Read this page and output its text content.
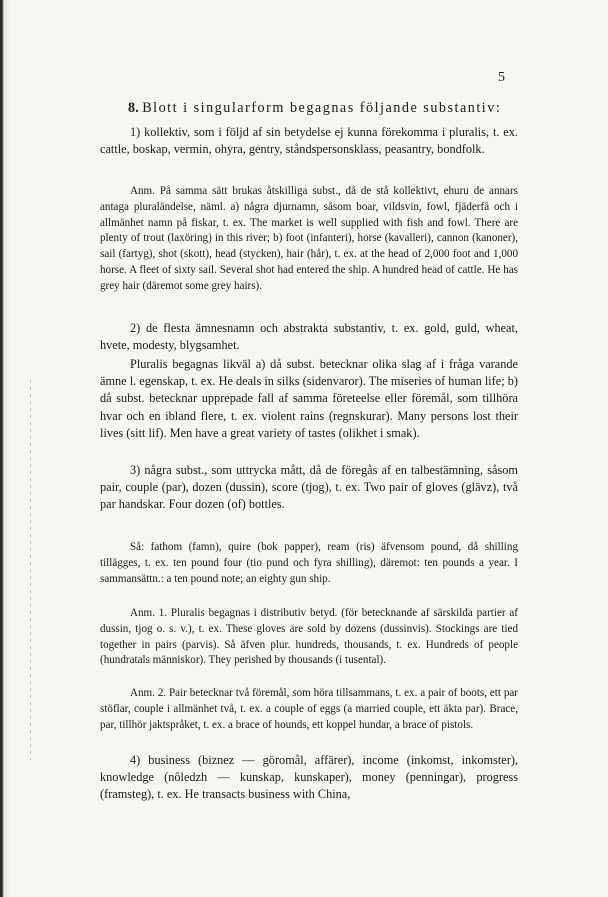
5
8. Blott i singularform begagnas följande substantiv:

1) kollektiv, som i följd af sin betydelse ej kunna förekomma i pluralis, t. ex. cattle, boskap, vermin, ohyra, gentry, ståndspersonsklass, peasantry, bondfolk.

Anm. På samma sätt brukas åtskilliga subst., då de stå kollektivt, ehuru de annars antaga pluraländelse, näml. a) några djurnamn, såsom boar, vildsvin, fowl, fjäderfä och i allmänhet namn på fiskar, t. ex. The market is well supplied with fish and fowl. There are plenty of trout (laxöring) in this river; b) foot (infanteri), horse (kavalleri), cannon (kanoner), sail (fartyg), shot (skott), head (stycken), hair (hår), t. ex. at the head of 2,000 foot and 1,000 horse. A fleet of sixty sail. Several shot had entered the ship. A hundred head of cattle. He has grey hair (däremot some grey hairs).

2) de flesta ämnesnamn och abstrakta substantiv, t. ex. gold, guld, wheat, hvete, modesty, blygsamhet.

Pluralis begagnas likväl a) då subst. betecknar olika slag af i fråga varande ämne l. egenskap, t. ex. He deals in silks (sidenvaror). The miseries of human life; b) då subst. betecknar upprepade fall af samma företeelse eller föremål, som tillhöra hvar och en ibland flere, t. ex. violent rains (regnskurar). Many persons lost their lives (sitt lif). Men have a great variety of tastes (olikhet i smak).

3) några subst., som uttrycka mått, då de föregås af en talbestämning, såsom pair, couple (par), dozen (dussin), score (tjog), t. ex. Two pair of gloves (glävz), två par handskar. Four dozen (of) bottles.

Så: fathom (famn), quire (bok papper), ream (ris) äfvensom pound, då shilling tillägges, t. ex. ten pound four (tio pund och fyra shilling), däremot: ten pounds a year. I sammansättn.: a ten pound note; an eighty gun ship.

Anm. 1. Pluralis begagnas i distributiv betyd. (för betecknande af särskilda partier af dussin, tjog o. s. v.), t. ex. These gloves are sold by dozens (dussinvis). Stockings are tied together in pairs (parvis). Så äfven plur. hundreds, thousands, t. ex. Hundreds of people (hundratals människor). They perished by thousands (i tusental).

Anm. 2. Pair betecknar två föremål, som höra tillsammans, t. ex. a pair of boots, ett par stöflar, couple i allmänhet två, t. ex. a couple of eggs (a married couple, ett äkta par). Brace, par, tillhör jaktspråket, t. ex. a brace of hounds, ett koppel hundar, a brace of pistols.

4) business (biznez — göromål, affärer), income (inkomst, inkomster), knowledge (nôledzh — kunskap, kunskaper), money (penningar), progress (framsteg), t. ex. He transacts business with China,
